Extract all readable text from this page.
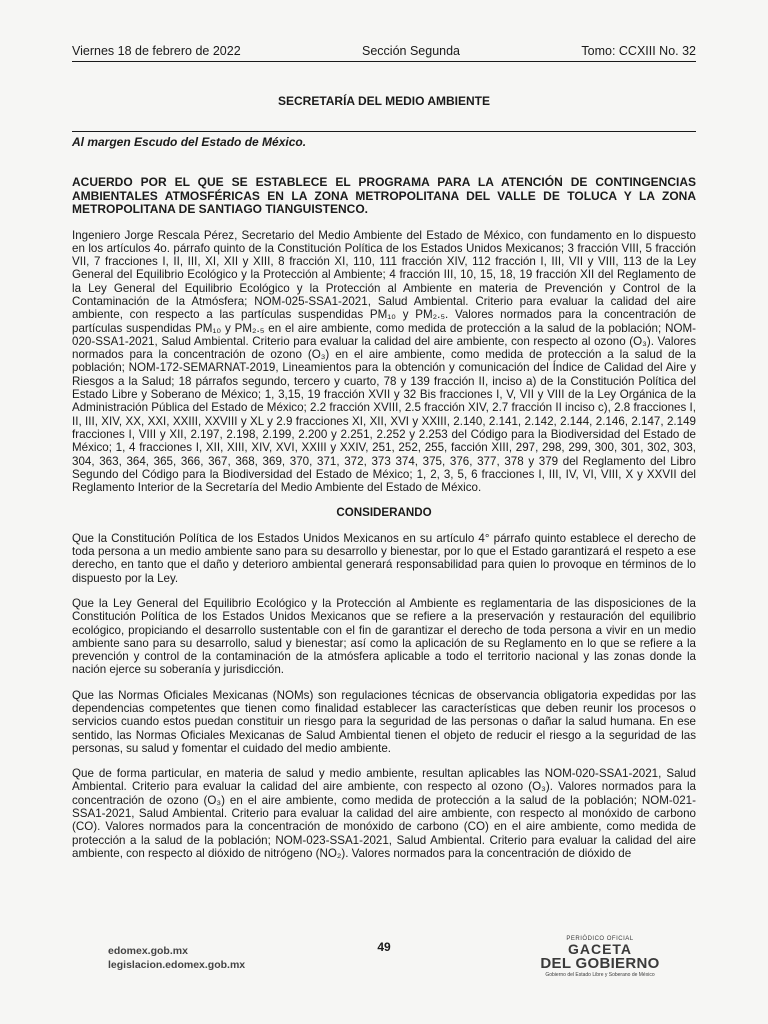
Viernes 18 de febrero de 2022	Sección Segunda	Tomo: CCXIII No. 32
SECRETARÍA DEL MEDIO AMBIENTE
Al margen Escudo del Estado de México.

ACUERDO POR EL QUE SE ESTABLECE EL PROGRAMA PARA LA ATENCIÓN DE CONTINGENCIAS AMBIENTALES ATMOSFÉRICAS EN LA ZONA METROPOLITANA DEL VALLE DE TOLUCA Y LA ZONA METROPOLITANA DE SANTIAGO TIANGUISTENCO.

Ingeniero Jorge Rescala Pérez, Secretario del Medio Ambiente del Estado de México, con fundamento en lo dispuesto en los artículos 4o. párrafo quinto de la Constitución Política de los Estados Unidos Mexicanos; 3 fracción VIII, 5 fracción VII, 7 fracciones I, II, III, XI, XII y XIII, 8 fracción XI, 110, 111 fracción XIV, 112 fracción I, III, VII y VIII, 113 de la Ley General del Equilibrio Ecológico y la Protección al Ambiente; 4 fracción III, 10, 15, 18, 19 fracción XII del Reglamento de la Ley General del Equilibrio Ecológico y la Protección al Ambiente en materia de Prevención y Control de la Contaminación de la Atmósfera; NOM-025-SSA1-2021, Salud Ambiental. Criterio para evaluar la calidad del aire ambiente, con respecto a las partículas suspendidas PM₁₀ y PM₂.₅. Valores normados para la concentración de partículas suspendidas PM₁₀ y PM₂.₅ en el aire ambiente, como medida de protección a la salud de la población; NOM-020-SSA1-2021, Salud Ambiental. Criterio para evaluar la calidad del aire ambiente, con respecto al ozono (O₃). Valores normados para la concentración de ozono (O₃) en el aire ambiente, como medida de protección a la salud de la población; NOM-172-SEMARNAT-2019, Lineamientos para la obtención y comunicación del Índice de Calidad del Aire y Riesgos a la Salud; 18 párrafos segundo, tercero y cuarto, 78 y 139 fracción II, inciso a) de la Constitución Política del Estado Libre y Soberano de México; 1, 3,15, 19 fracción XVII y 32 Bis fracciones I, V, VII y VIII de la Ley Orgánica de la Administración Pública del Estado de México; 2.2 fracción XVIII, 2.5 fracción XIV, 2.7 fracción II inciso c), 2.8 fracciones I, II, III, XIV, XX, XXI, XXIII, XXVIII y XL y 2.9 fracciones XI, XII, XVI y XXIII, 2.140, 2.141, 2.142, 2.144, 2.146, 2.147, 2.149 fracciones I, VIII y XII, 2.197, 2.198, 2.199, 2.200 y 2.251, 2.252 y 2.253 del Código para la Biodiversidad del Estado de México; 1, 4 fracciones I, XII, XIII, XIV, XVI, XXIII y XXIV, 251, 252, 255, facción XIII, 297, 298, 299, 300, 301, 302, 303, 304, 363, 364, 365, 366, 367, 368, 369, 370, 371, 372, 373 374, 375, 376, 377, 378 y 379 del Reglamento del Libro Segundo del Código para la Biodiversidad del Estado de México; 1, 2, 3, 5, 6 fracciones I, III, IV, VI, VIII, X y XXVII del Reglamento Interior de la Secretaría del Medio Ambiente del Estado de México.

CONSIDERANDO

Que la Constitución Política de los Estados Unidos Mexicanos en su artículo 4° párrafo quinto establece el derecho de toda persona a un medio ambiente sano para su desarrollo y bienestar, por lo que el Estado garantizará el respeto a ese derecho, en tanto que el daño y deterioro ambiental generará responsabilidad para quien lo provoque en términos de lo dispuesto por la Ley.

Que la Ley General del Equilibrio Ecológico y la Protección al Ambiente es reglamentaria de las disposiciones de la Constitución Política de los Estados Unidos Mexicanos que se refiere a la preservación y restauración del equilibrio ecológico, propiciando el desarrollo sustentable con el fin de garantizar el derecho de toda persona a vivir en un medio ambiente sano para su desarrollo, salud y bienestar; así como la aplicación de su Reglamento en lo que se refiere a la prevención y control de la contaminación de la atmósfera aplicable a todo el territorio nacional y las zonas donde la nación ejerce su soberanía y jurisdicción.

Que las Normas Oficiales Mexicanas (NOMs) son regulaciones técnicas de observancia obligatoria expedidas por las dependencias competentes que tienen como finalidad establecer las características que deben reunir los procesos o servicios cuando estos puedan constituir un riesgo para la seguridad de las personas o dañar la salud humana. En ese sentido, las Normas Oficiales Mexicanas de Salud Ambiental tienen el objeto de reducir el riesgo a la seguridad de las personas, su salud y fomentar el cuidado del medio ambiente.

Que de forma particular, en materia de salud y medio ambiente, resultan aplicables las NOM-020-SSA1-2021, Salud Ambiental. Criterio para evaluar la calidad del aire ambiente, con respecto al ozono (O₃). Valores normados para la concentración de ozono (O₃) en el aire ambiente, como medida de protección a la salud de la población; NOM-021-SSA1-2021, Salud Ambiental. Criterio para evaluar la calidad del aire ambiente, con respecto al monóxido de carbono (CO). Valores normados para la concentración de monóxido de carbono (CO) en el aire ambiente, como medida de protección a la salud de la población; NOM-023-SSA1-2021, Salud Ambiental. Criterio para evaluar la calidad del aire ambiente, con respecto al dióxido de nitrógeno (NO₂). Valores normados para la concentración de dióxido de

edomex.gob.mx
legislacion.edomex.gob.mx
49
PERIÓDICO OFICIAL
GACETA
DEL GOBIERNO
Gobierno del Estado Libre y Soberano de México
